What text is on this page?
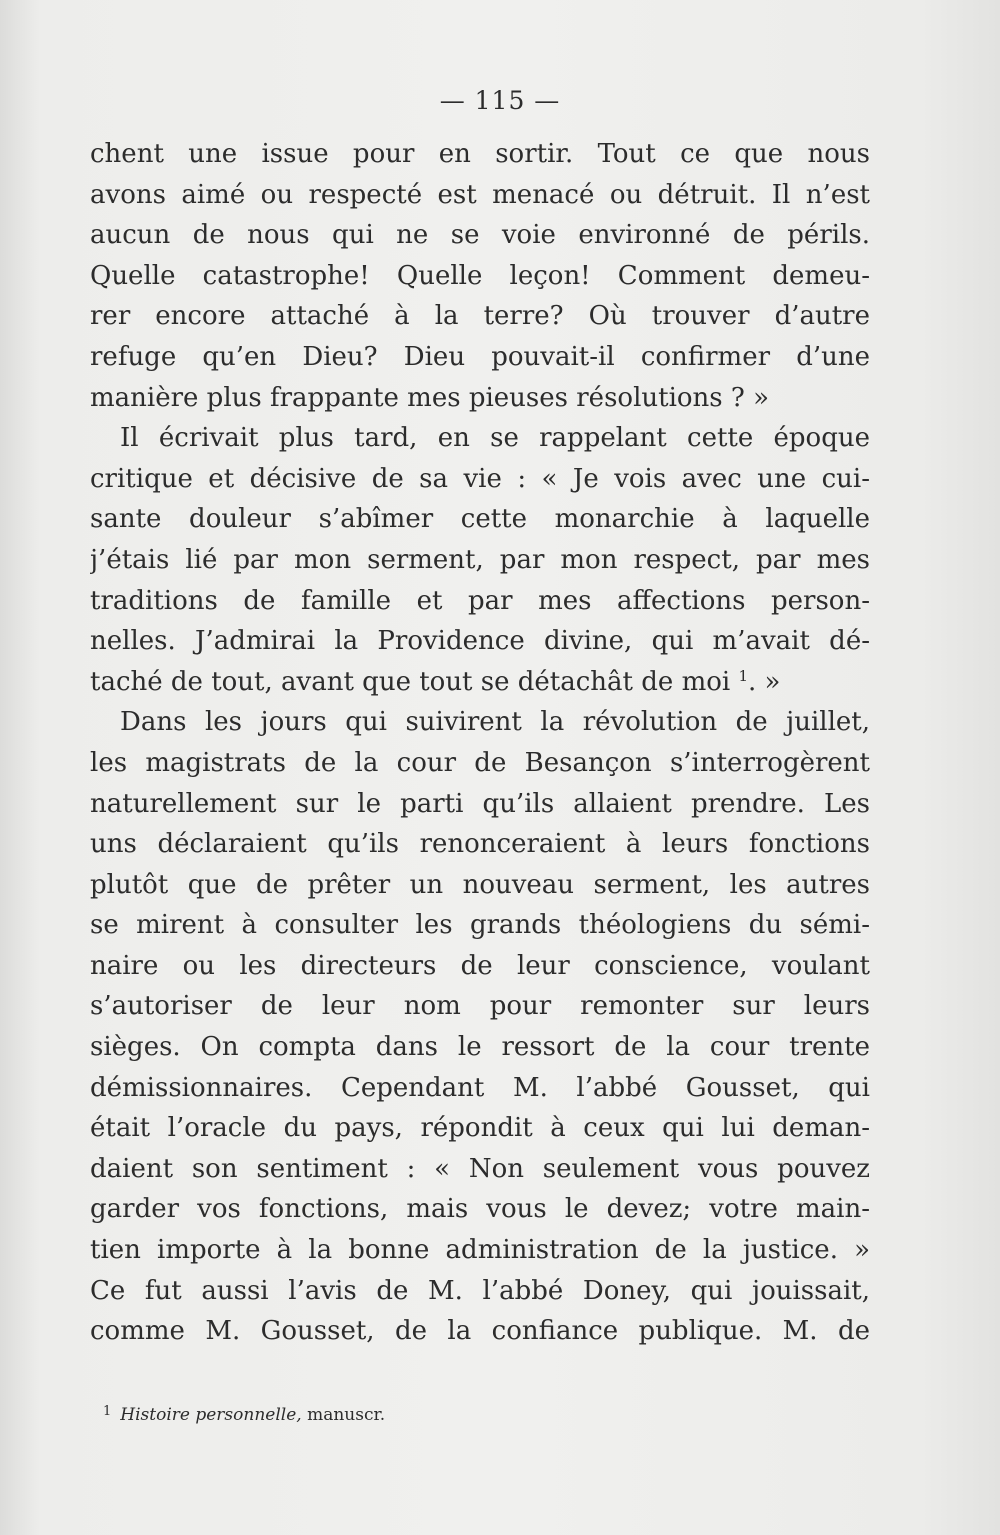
— 115 —
chent une issue pour en sortir. Tout ce que nous
avons aimé ou respecté est menacé ou détruit. Il n’est
aucun de nous qui ne se voie environné de périls.
Quelle catastrophe! Quelle leçon! Comment demeu-
rer encore attaché à la terre? Où trouver d’autre
refuge qu’en Dieu? Dieu pouvait-il confirmer d’une
manière plus frappante mes pieuses résolutions ? »
Il écrivait plus tard, en se rappelant cette époque
critique et décisive de sa vie : « Je vois avec une cui-
sante douleur s’abîmer cette monarchie à laquelle
j’étais lié par mon serment, par mon respect, par mes
traditions de famille et par mes affections person-
nelles. J’admirai la Providence divine, qui m’avait dé-
taché de tout, avant que tout se détachât de moi $^1$. »
Dans les jours qui suivirent la révolution de juillet,
les magistrats de la cour de Besançon s’interrogèrent
naturellement sur le parti qu’ils allaient prendre. Les
uns déclaraient qu’ils renonceraient à leurs fonctions
plutôt que de prêter un nouveau serment, les autres
se mirent à consulter les grands théologiens du sémi-
naire ou les directeurs de leur conscience, voulant
s’autoriser de leur nom pour remonter sur leurs
sièges. On compta dans le ressort de la cour trente
démissionnaires. Cependant M. l’abbé Gousset, qui
était l’oracle du pays, répondit à ceux qui lui deman-
daient son sentiment : « Non seulement vous pouvez
garder vos fonctions, mais vous le devez; votre main-
tien importe à la bonne administration de la justice. »
Ce fut aussi l’avis de M. l’abbé Doney, qui jouissait,
comme M. Gousset, de la confiance publique. M. de
$^1$ Histoire personnelle, manuscr.
